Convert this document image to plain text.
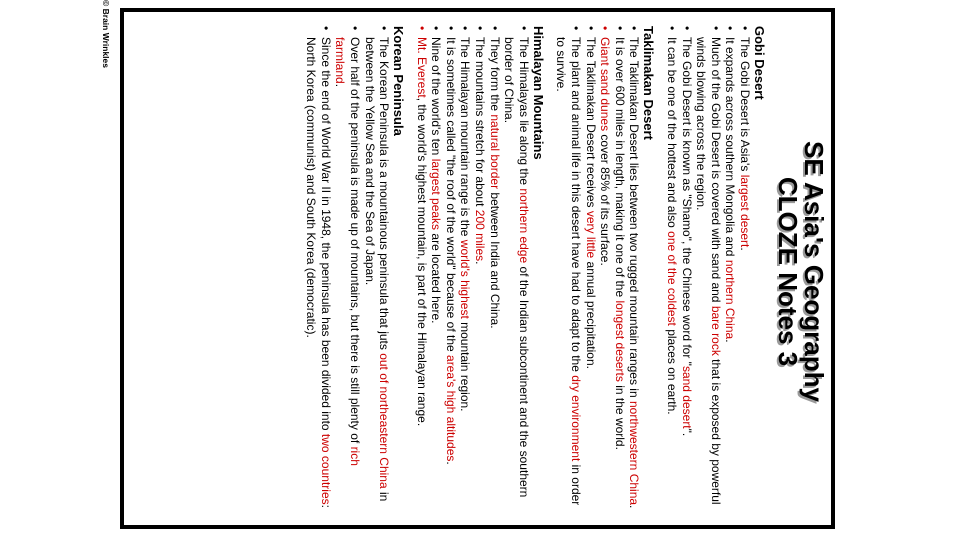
SE Asia's Geography
CLOZE Notes 3
Gobi Desert
• The Gobi Desert is Asia's largest desert.
• It expands across southern Mongolia and northern China.
• Much of the Gobi Desert is covered with sand and bare rock that is exposed by powerful winds blowing across the region.
• The Gobi Desert is known as "Shamo", the Chinese word for "sand desert".
• It can be one of the hottest and also one of the coldest places on earth.
Taklimakan Desert
• The Taklimakan Desert lies between two rugged mountain ranges in northwestern China.
• It is over 600 miles in length, making it one of the longest deserts in the world.
• Giant sand dunes cover 85% of its surface.
• The Taklimakan Desert receives very little annual precipitation.
• The plant and animal life in this desert have had to adapt to the dry environment in order to survive.
Himalayan Mountains
• The Himalayas lie along the northern edge of the Indian subcontinent and the southern border of China.
• They form the natural border between India and China.
• The mountains stretch for about 200 miles.
• The Himalayan mountain range is the world's highest mountain region.
• It is sometimes called "the roof of the world" because of the area's high altitudes.
• Nine of the world's ten largest peaks are located here.
• Mt. Everest, the world's highest mountain, is part of the Himalayan range.
Korean Peninsula
• The Korean Peninsula is a mountainous peninsula that juts out of northeastern China in between the Yellow Sea and the Sea of Japan.
• Over half of the peninsula is made up of mountains, but there is still plenty of rich farmland.
• Since the end of World War II in 1948, the peninsula has been divided into two countries: North Korea (communist) and South Korea (democratic).
© Brain Wrinkles
